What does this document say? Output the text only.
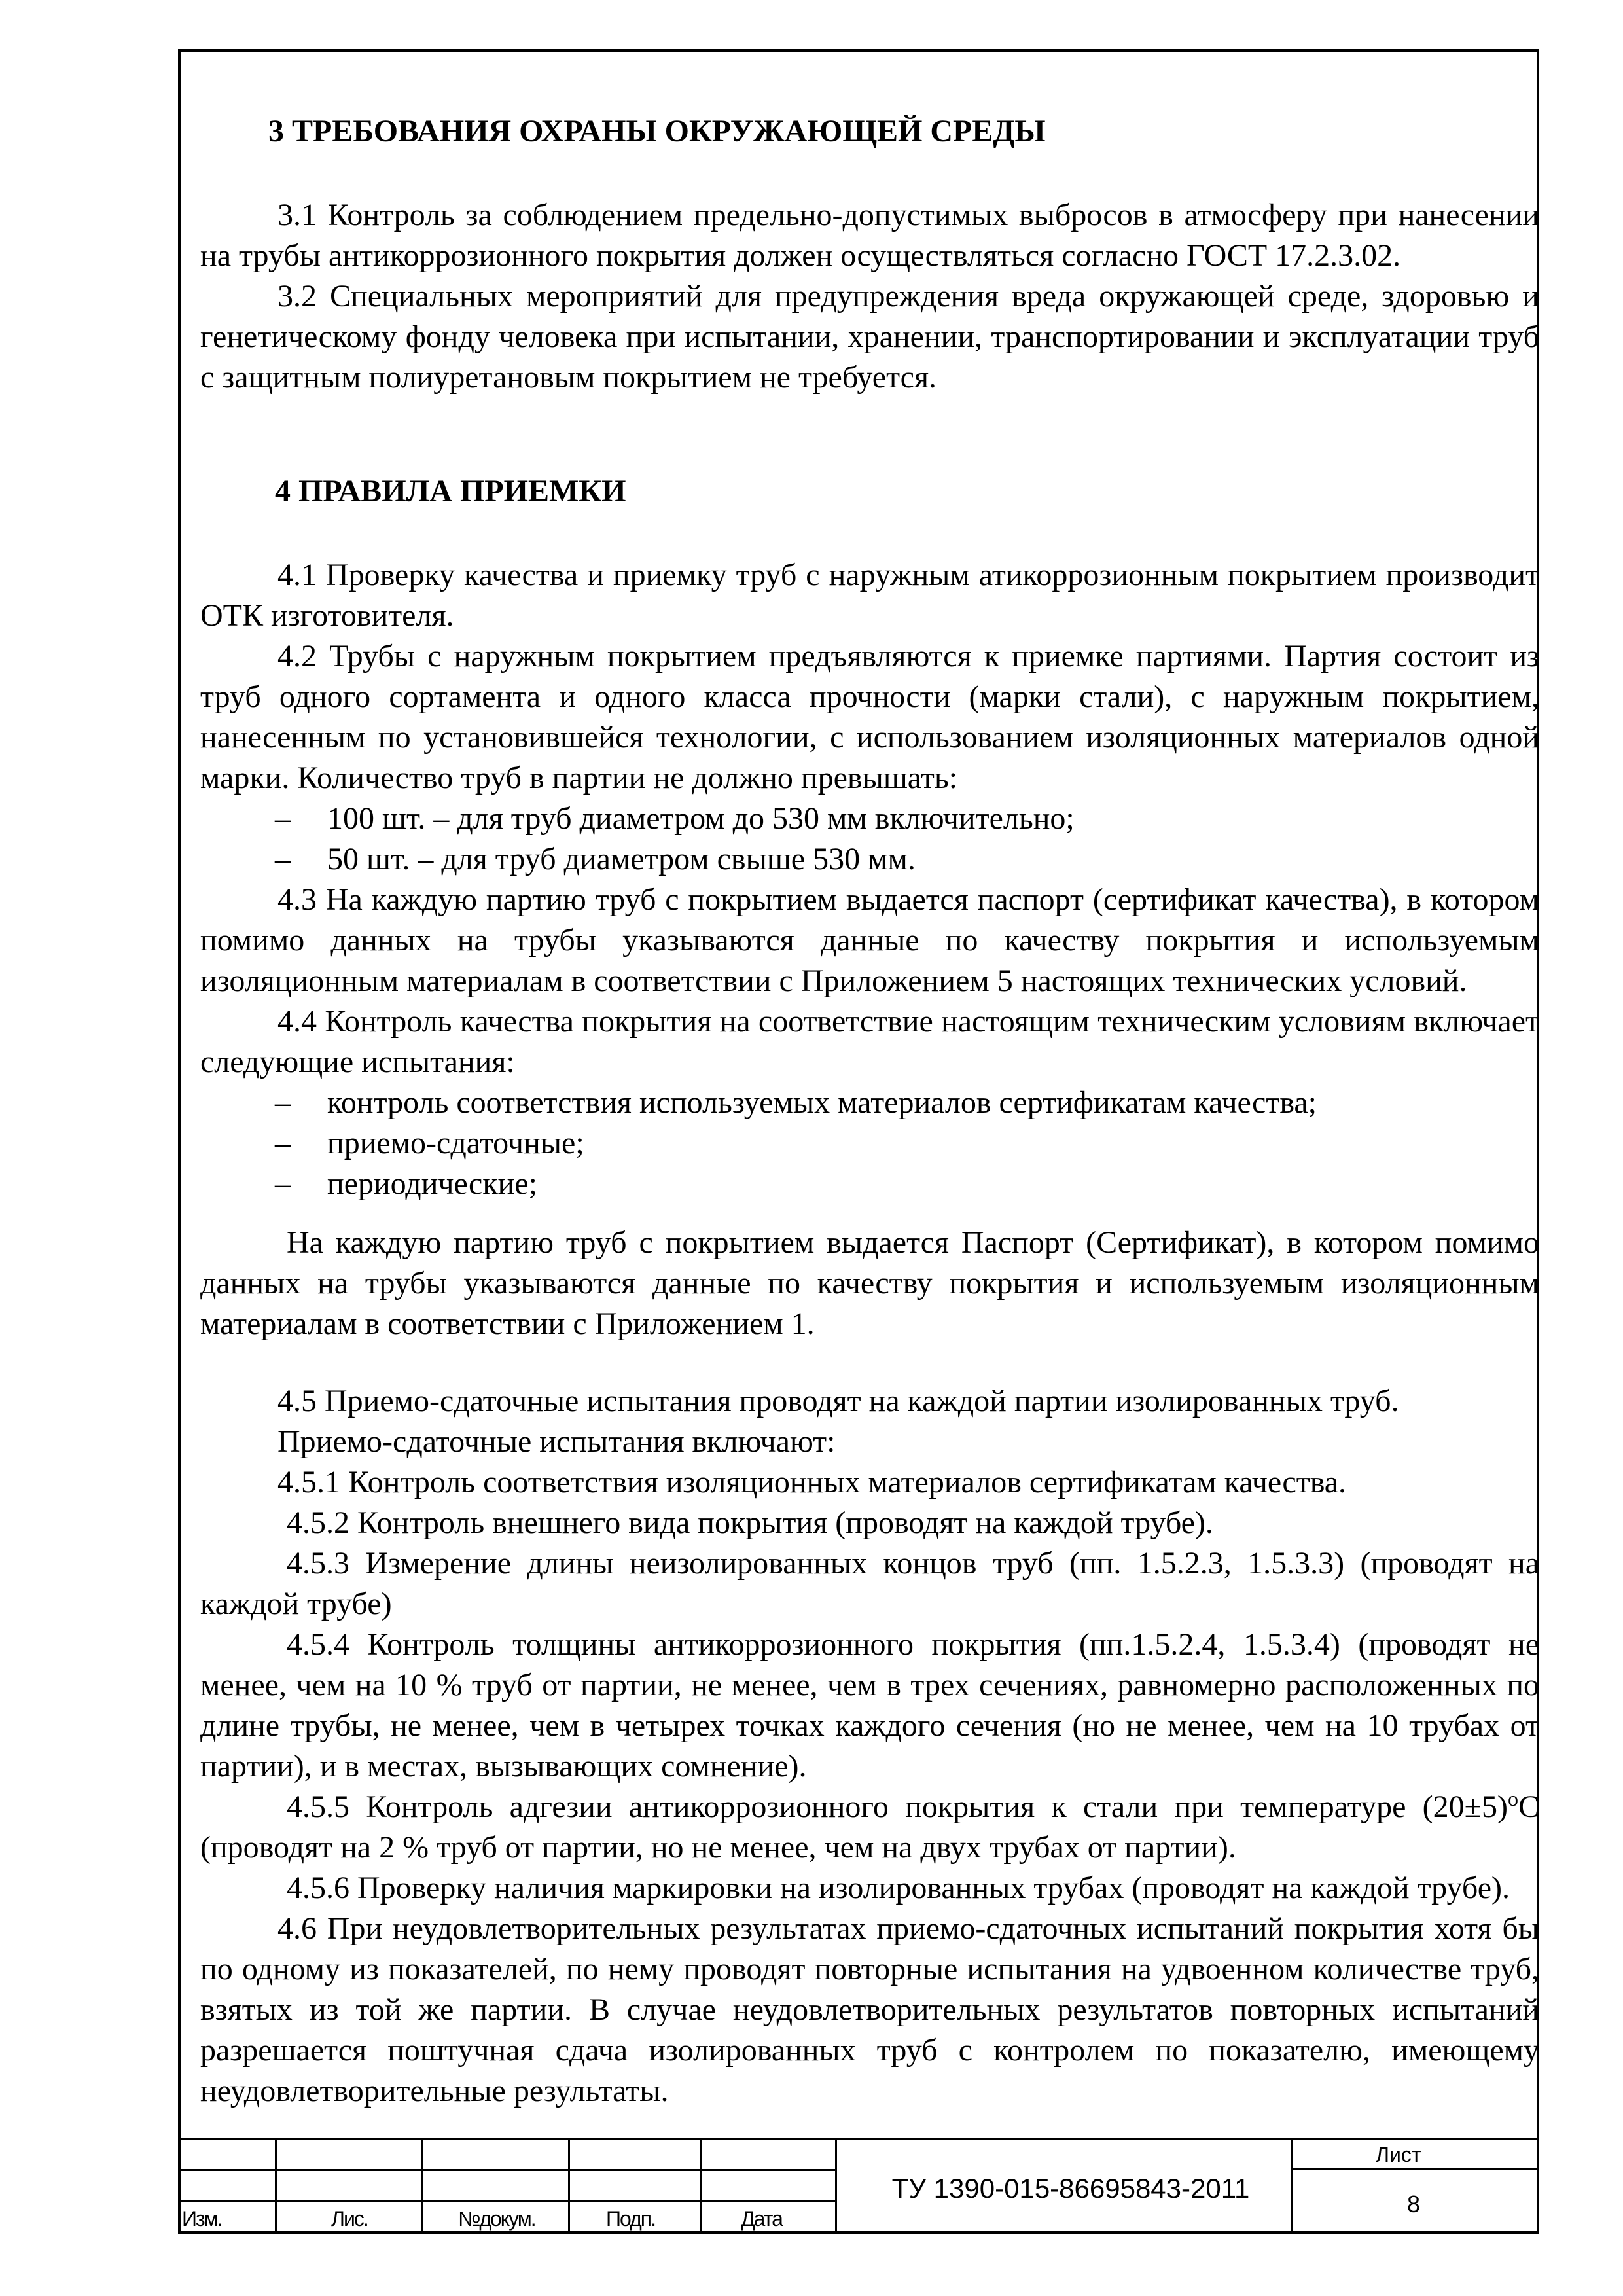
3 ТРЕБОВАНИЯ ОХРАНЫ ОКРУЖАЮЩЕЙ СРЕДЫ

3.1 Контроль за соблюдением предельно-допустимых выбросов в атмосферу при нанесении на трубы антикоррозионного покрытия должен осуществляться согласно ГОСТ 17.2.3.02.

3.2 Специальных мероприятий для предупреждения вреда окружающей среде, здоровью и генетическому фонду человека при испытании, хранении, транспортировании и эксплуатации труб с защитным полиуретановым покрытием не требуется.

4 ПРАВИЛА ПРИЕМКИ

4.1 Проверку качества и приемку труб с наружным атикоррозионным покрытием производит ОТК изготовителя.

4.2 Трубы с наружным покрытием предъявляются к приемке партиями. Партия состоит из труб одного сортамента и одного класса прочности (марки стали), с наружным покрытием, нанесенным по установившейся технологии, с использованием изоляционных материалов одной марки. Количество труб в партии не должно превышать:

– 100 шт. – для труб диаметром до 530 мм включительно;

– 50 шт. – для труб диаметром свыше 530 мм.

4.3 На каждую партию труб с покрытием выдается паспорт (сертификат качества), в котором помимо данных на трубы указываются данные по качеству покрытия и используемым изоляционным материалам в соответствии с Приложением 5 настоящих технических условий.

4.4 Контроль качества покрытия на соответствие настоящим техническим условиям включает следующие испытания:

– контроль соответствия используемых материалов сертификатам качества;

– приемо-сдаточные;

– периодические;

На каждую партию труб с покрытием выдается Паспорт (Сертификат), в котором помимо данных на трубы указываются данные по качеству покрытия и используемым изоляционным материалам в соответствии с Приложением 1.

4.5 Приемо-сдаточные испытания проводят на каждой партии изолированных труб.

Приемо-сдаточные испытания включают:

4.5.1 Контроль соответствия изоляционных материалов сертификатам качества.

4.5.2 Контроль внешнего вида покрытия (проводят на каждой трубе).

4.5.3 Измерение длины неизолированных концов труб (пп. 1.5.2.3, 1.5.3.3) (проводят на каждой трубе)

4.5.4 Контроль толщины антикоррозионного покрытия (пп.1.5.2.4, 1.5.3.4) (проводят не менее, чем на 10 % труб от партии, не менее, чем в трех сечениях, равномерно расположенных по длине трубы, не менее, чем в четырех точках каждого сечения (но не менее, чем на 10 трубах от партии), и в местах, вызывающих сомнение).

4.5.5 Контроль адгезии антикоррозионного покрытия к стали при температуре $(20\pm 5)^оС$ (проводят на 2 % труб от партии, но не менее, чем на двух трубах от партии).

4.5.6 Проверку наличия маркировки на изолированных трубах (проводят на каждой трубе).

4.6 При неудовлетворительных результатах приемо-сдаточных испытаний покрытия хотя бы по одному из показателей, по нему проводят повторные испытания на удвоенном количестве труб, взятых из той же партии. В случае неудовлетворительных результатов повторных испытаний разрешается поштучная сдача изолированных труб с контролем по показателю, имеющему неудовлетворительные результаты.

Изм.	Лис.	№докум.	Подп.	Дата
Лист
8
ТУ 1390-015-86695843-2011
